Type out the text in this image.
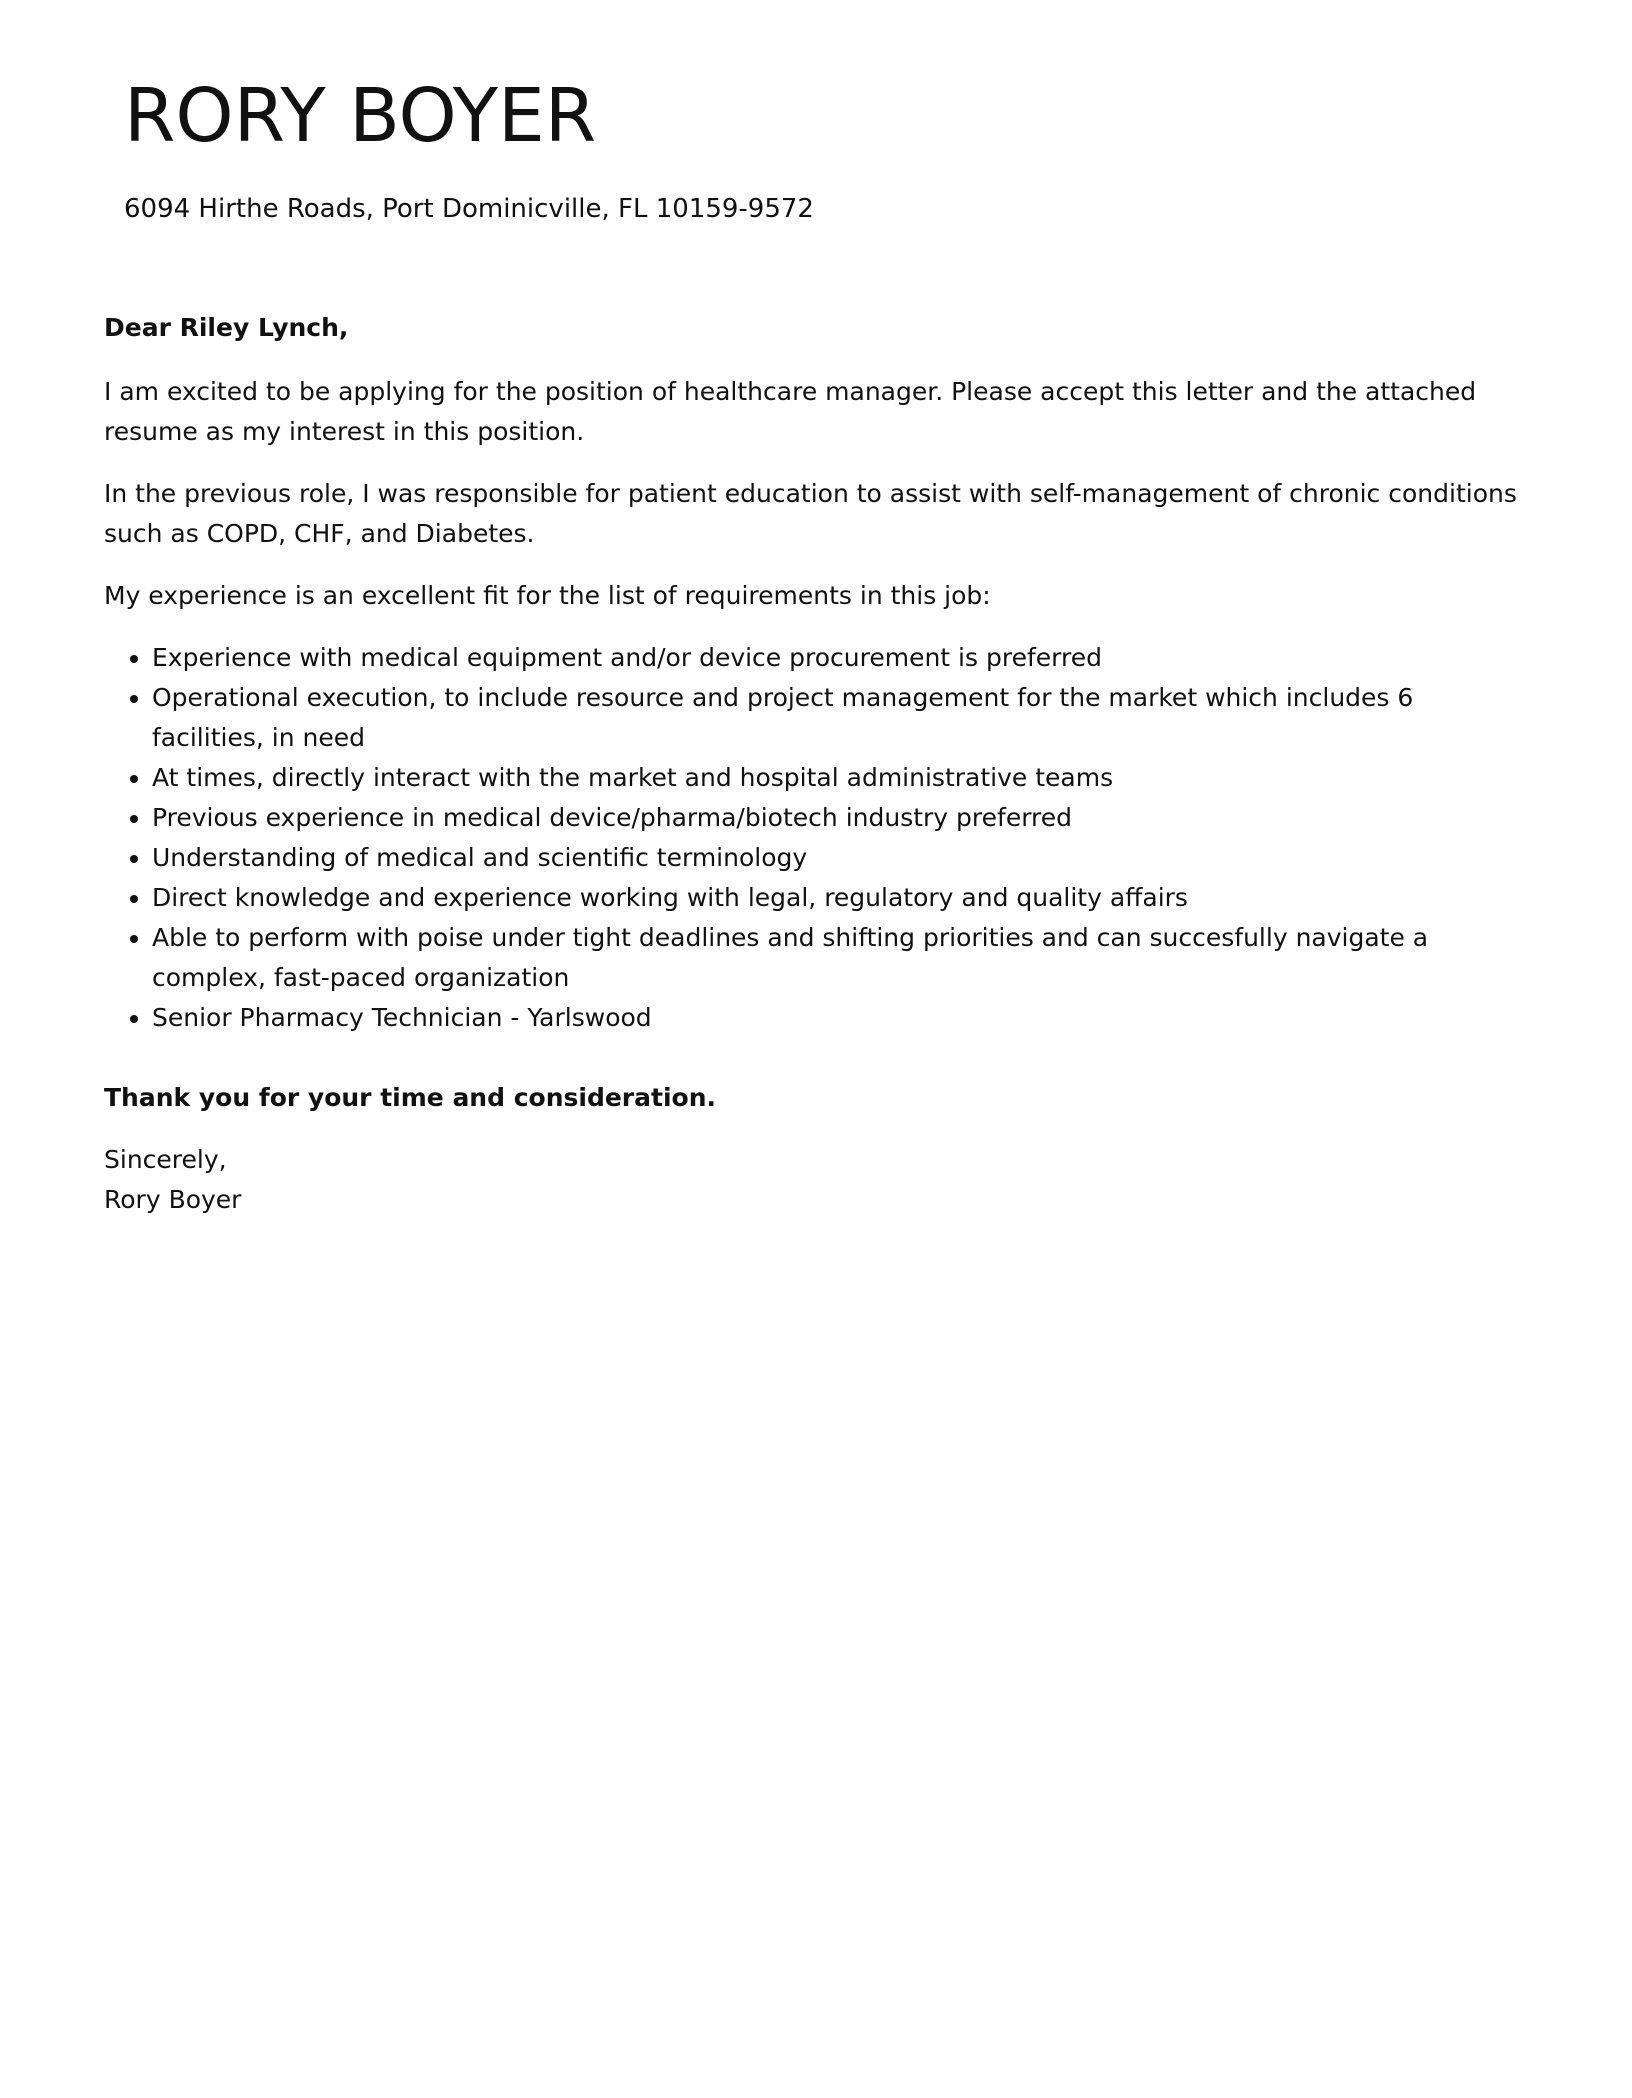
RORY BOYER
6094 Hirthe Roads, Port Dominicville, FL 10159-9572

Dear Riley Lynch,

I am excited to be applying for the position of healthcare manager. Please accept this letter and the attached resume as my interest in this position.

In the previous role, I was responsible for patient education to assist with self-management of chronic conditions such as COPD, CHF, and Diabetes.

My experience is an excellent fit for the list of requirements in this job:

• Experience with medical equipment and/or device procurement is preferred
• Operational execution, to include resource and project management for the market which includes 6 facilities, in need
• At times, directly interact with the market and hospital administrative teams
• Previous experience in medical device/pharma/biotech industry preferred
• Understanding of medical and scientific terminology
• Direct knowledge and experience working with legal, regulatory and quality affairs
• Able to perform with poise under tight deadlines and shifting priorities and can succesfully navigate a complex, fast-paced organization
• Senior Pharmacy Technician - Yarlswood

Thank you for your time and consideration.

Sincerely,
Rory Boyer
